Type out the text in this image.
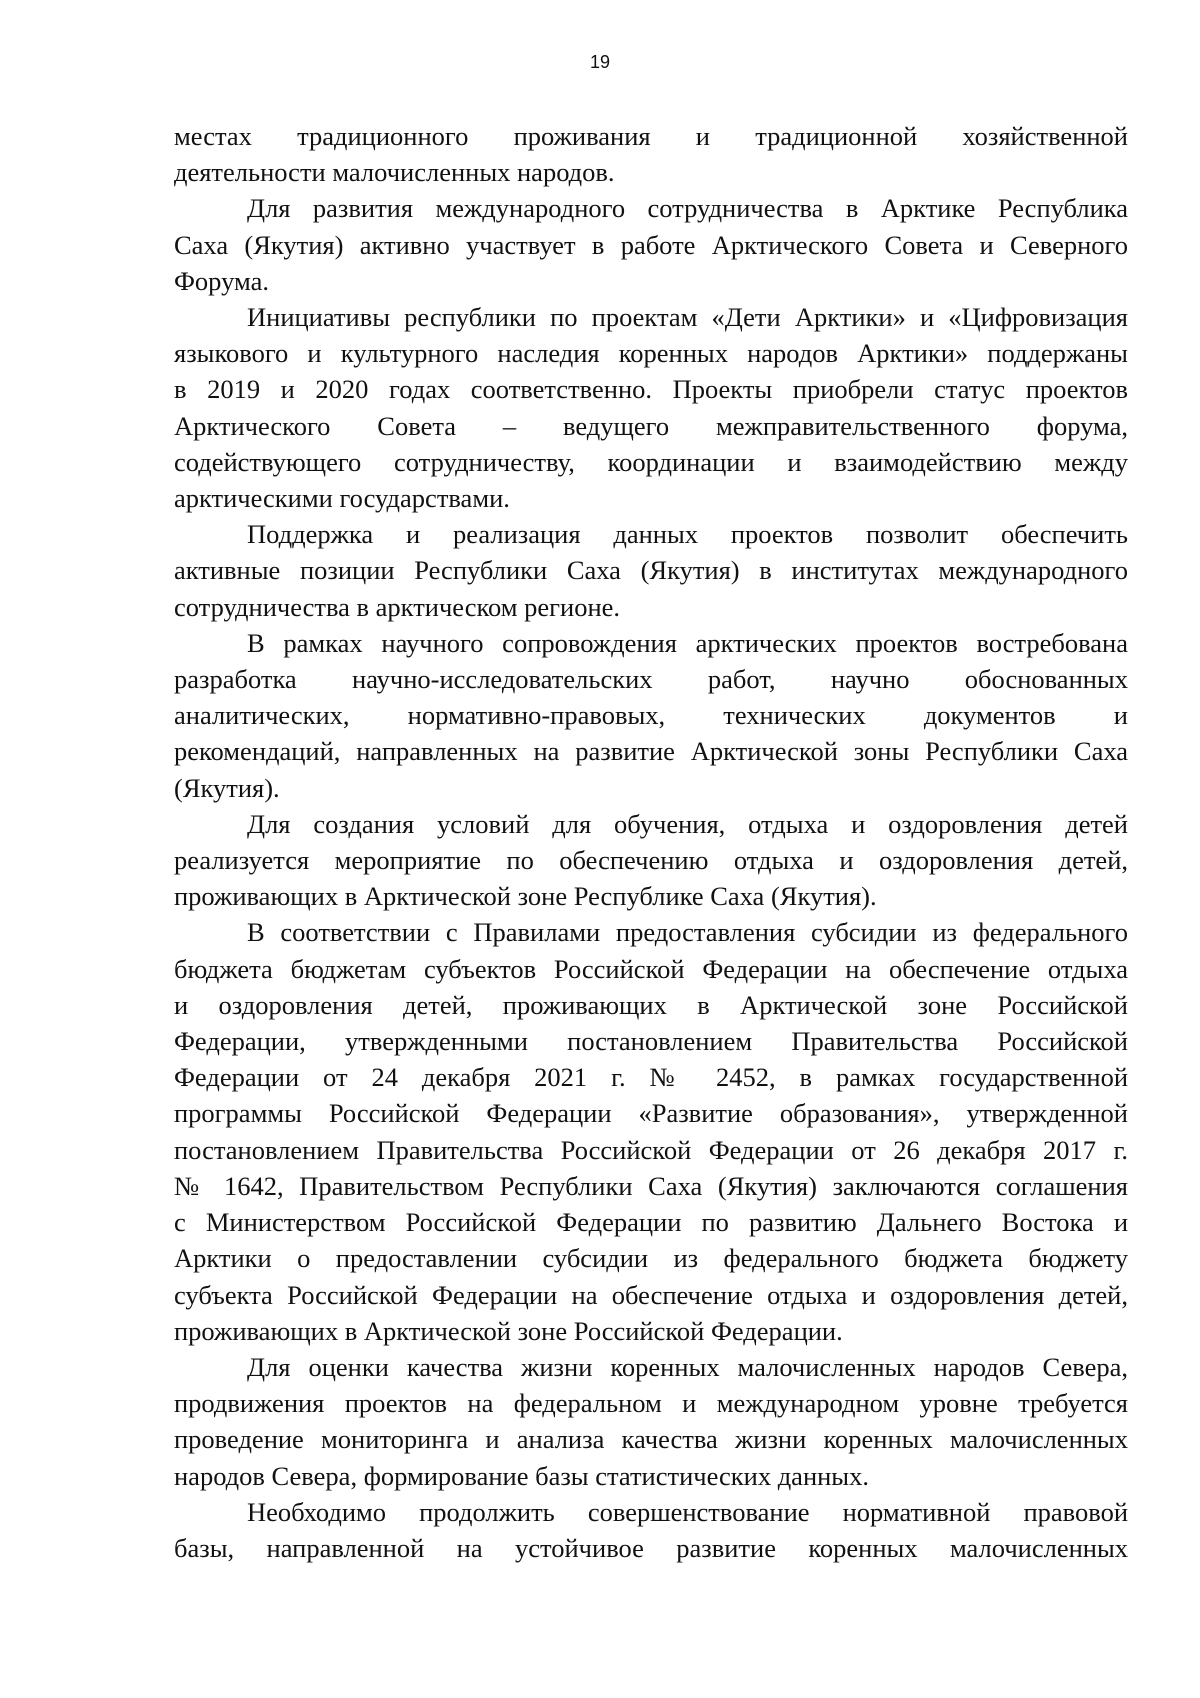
19
местах традиционного проживания и традиционной хозяйственной
деятельности малочисленных народов.
Для развития международного сотрудничества в Арктике Республика
Саха (Якутия) активно участвует в работе Арктического Совета и Северного
Форума.
Инициативы республики по проектам «Дети Арктики» и «Цифровизация
языкового и культурного наследия коренных народов Арктики» поддержаны
в 2019 и 2020 годах соответственно. Проекты приобрели статус проектов
Арктического Совета – ведущего межправительственного форума,
содействующего сотрудничеству, координации и взаимодействию между
арктическими государствами.
Поддержка и реализация данных проектов позволит обеспечить
активные позиции Республики Саха (Якутия) в институтах международного
сотрудничества в арктическом регионе.
В рамках научного сопровождения арктических проектов востребована
разработка научно-исследовательских работ, научно обоснованных
аналитических, нормативно-правовых, технических документов и
рекомендаций, направленных на развитие Арктической зоны Республики Саха
(Якутия).
Для создания условий для обучения, отдыха и оздоровления детей
реализуется мероприятие по обеспечению отдыха и оздоровления детей,
проживающих в Арктической зоне Республике Саха (Якутия).
В соответствии с Правилами предоставления субсидии из федерального
бюджета бюджетам субъектов Российской Федерации на обеспечение отдыха
и оздоровления детей, проживающих в Арктической зоне Российской
Федерации, утвержденными постановлением Правительства Российской
Федерации от 24 декабря 2021 г. № 2452, в рамках государственной
программы Российской Федерации «Развитие образования», утвержденной
постановлением Правительства Российской Федерации от 26 декабря 2017 г.
№ 1642, Правительством Республики Саха (Якутия) заключаются соглашения
с Министерством Российской Федерации по развитию Дальнего Востока и
Арктики о предоставлении субсидии из федерального бюджета бюджету
субъекта Российской Федерации на обеспечение отдыха и оздоровления детей,
проживающих в Арктической зоне Российской Федерации.
Для оценки качества жизни коренных малочисленных народов Севера,
продвижения проектов на федеральном и международном уровне требуется
проведение мониторинга и анализа качества жизни коренных малочисленных
народов Севера, формирование базы статистических данных.
Необходимо продолжить совершенствование нормативной правовой
базы, направленной на устойчивое развитие коренных малочисленных
